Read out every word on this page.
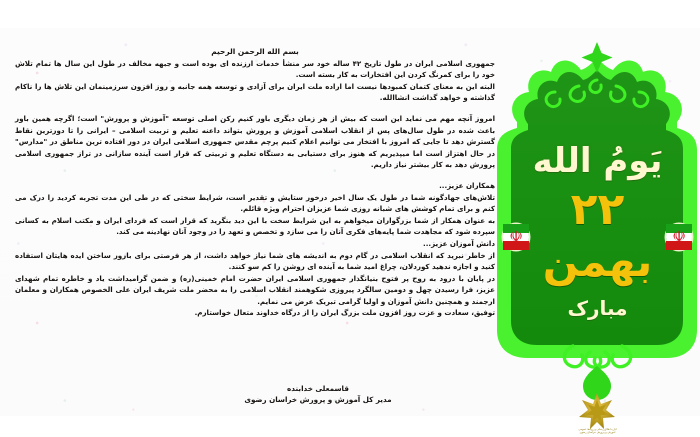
بسم الله الرحمن الرحیم

جمهوری اسلامی ایران در طول تاریخ ۴۲ ساله خود سر منشأ خدمات ارزنده ای بوده است و جبهه مخالف در طول این سال ها تمام تلاش خود را برای کمرنگ کردن این افتخارات به کار بسته است.

البته این به معنای کتمان کمبودها نیست اما اراده ملت ایران برای آزادی و توسعه همه جانبه و روز افزون سرزمینمان این تلاش ها را ناکام گذاشته و خواهد گذاشت انشاالله.

امروز آنچه مهم می نماید این است که بیش از هر زمان دیگری باور کنیم رکن اصلی توسعه "آموزش و پرورش" است؛ اگرچه همین باور باعث شده در طول سال‌های پس از انقلاب اسلامی آموزش و پرورش بتواند داعنه تعلیم و تربیت اسلامی – ایرانی را تا دورترین نقاط گسترش دهد تا جایی که امروز با افتخار می توانیم اعلام کنیم پرچم مقدس جمهوری اسلامی ایران در دور افتاده ترین مناطق در "مدارس" در حال اهتزاز است اما میپذیریم که هنوز برای دستیابی به دستگاه تعلیم و تربیتی که قرار است آینده سازانی در تراز جمهوری اسلامی پرورش دهد به کار بیشتر نیاز داریم.

همکاران عزیز...

تلاش‌های جهادگونه شما در طول یک سال اخیر درخور ستایش و تقدیر است، شرایط سختی که در طی این مدت تجربه کردید را درک می کنم و برای تمام کوشش های شبانه روزی شما عزیزان احترام ویژه قائلم.

به عنوان همکار از شما بزرگواران میخواهم به این شرایط سخت با این دید بنگرید که قرار است که فردای ایران و مکتب اسلام به کسانی سپرده شود که مجاهدت شما پایه‌های فکری آنان را می سازد و تخصص و تعهد را در وجود آنان نهادینه می کند.

دانش آموزان عزیز...

از خاطر نبرید که انقلاب اسلامی در گام دوم به اندیشه های شما نیاز خواهد داشت، از هر فرصتی برای بارور ساختن ایده هایتان استفاده کنید و اجازه ندهید کوردلان، چراغ امید شما به آینده ای روشن را کم سو کنند.

در پایان با درود به روح پر فتوح بنیانگذار جمهوری اسلامی ایران حضرت امام خمینی(ره) و ضمن گرامیداشت یاد و خاطره تمام شهدای عزیز، فرا رسیدن چهل و دومین سالگرد پیروزی شکوهمند انقلاب اسلامی را به محضر ملت شریف ایران علی الخصوص همکاران و معلمان ارجمند و همچنین دانش آموزان و اولیا گرامی تبریک عرض می نمایم.

توفیق، سعادت و عزت روز افزون ملت بزرگ ایران را از درگاه خداوند متعال خواستارم.

قاسمعلی خدابنده
مدیر کل آموزش و پرورش خراسان رضوی
یَومُ الله
۲۲
بهمن
مبارک
☫	☫
اداره اطلاع رسانی و روابط عمومی
آموزش و پرورش خراسان رضوی
